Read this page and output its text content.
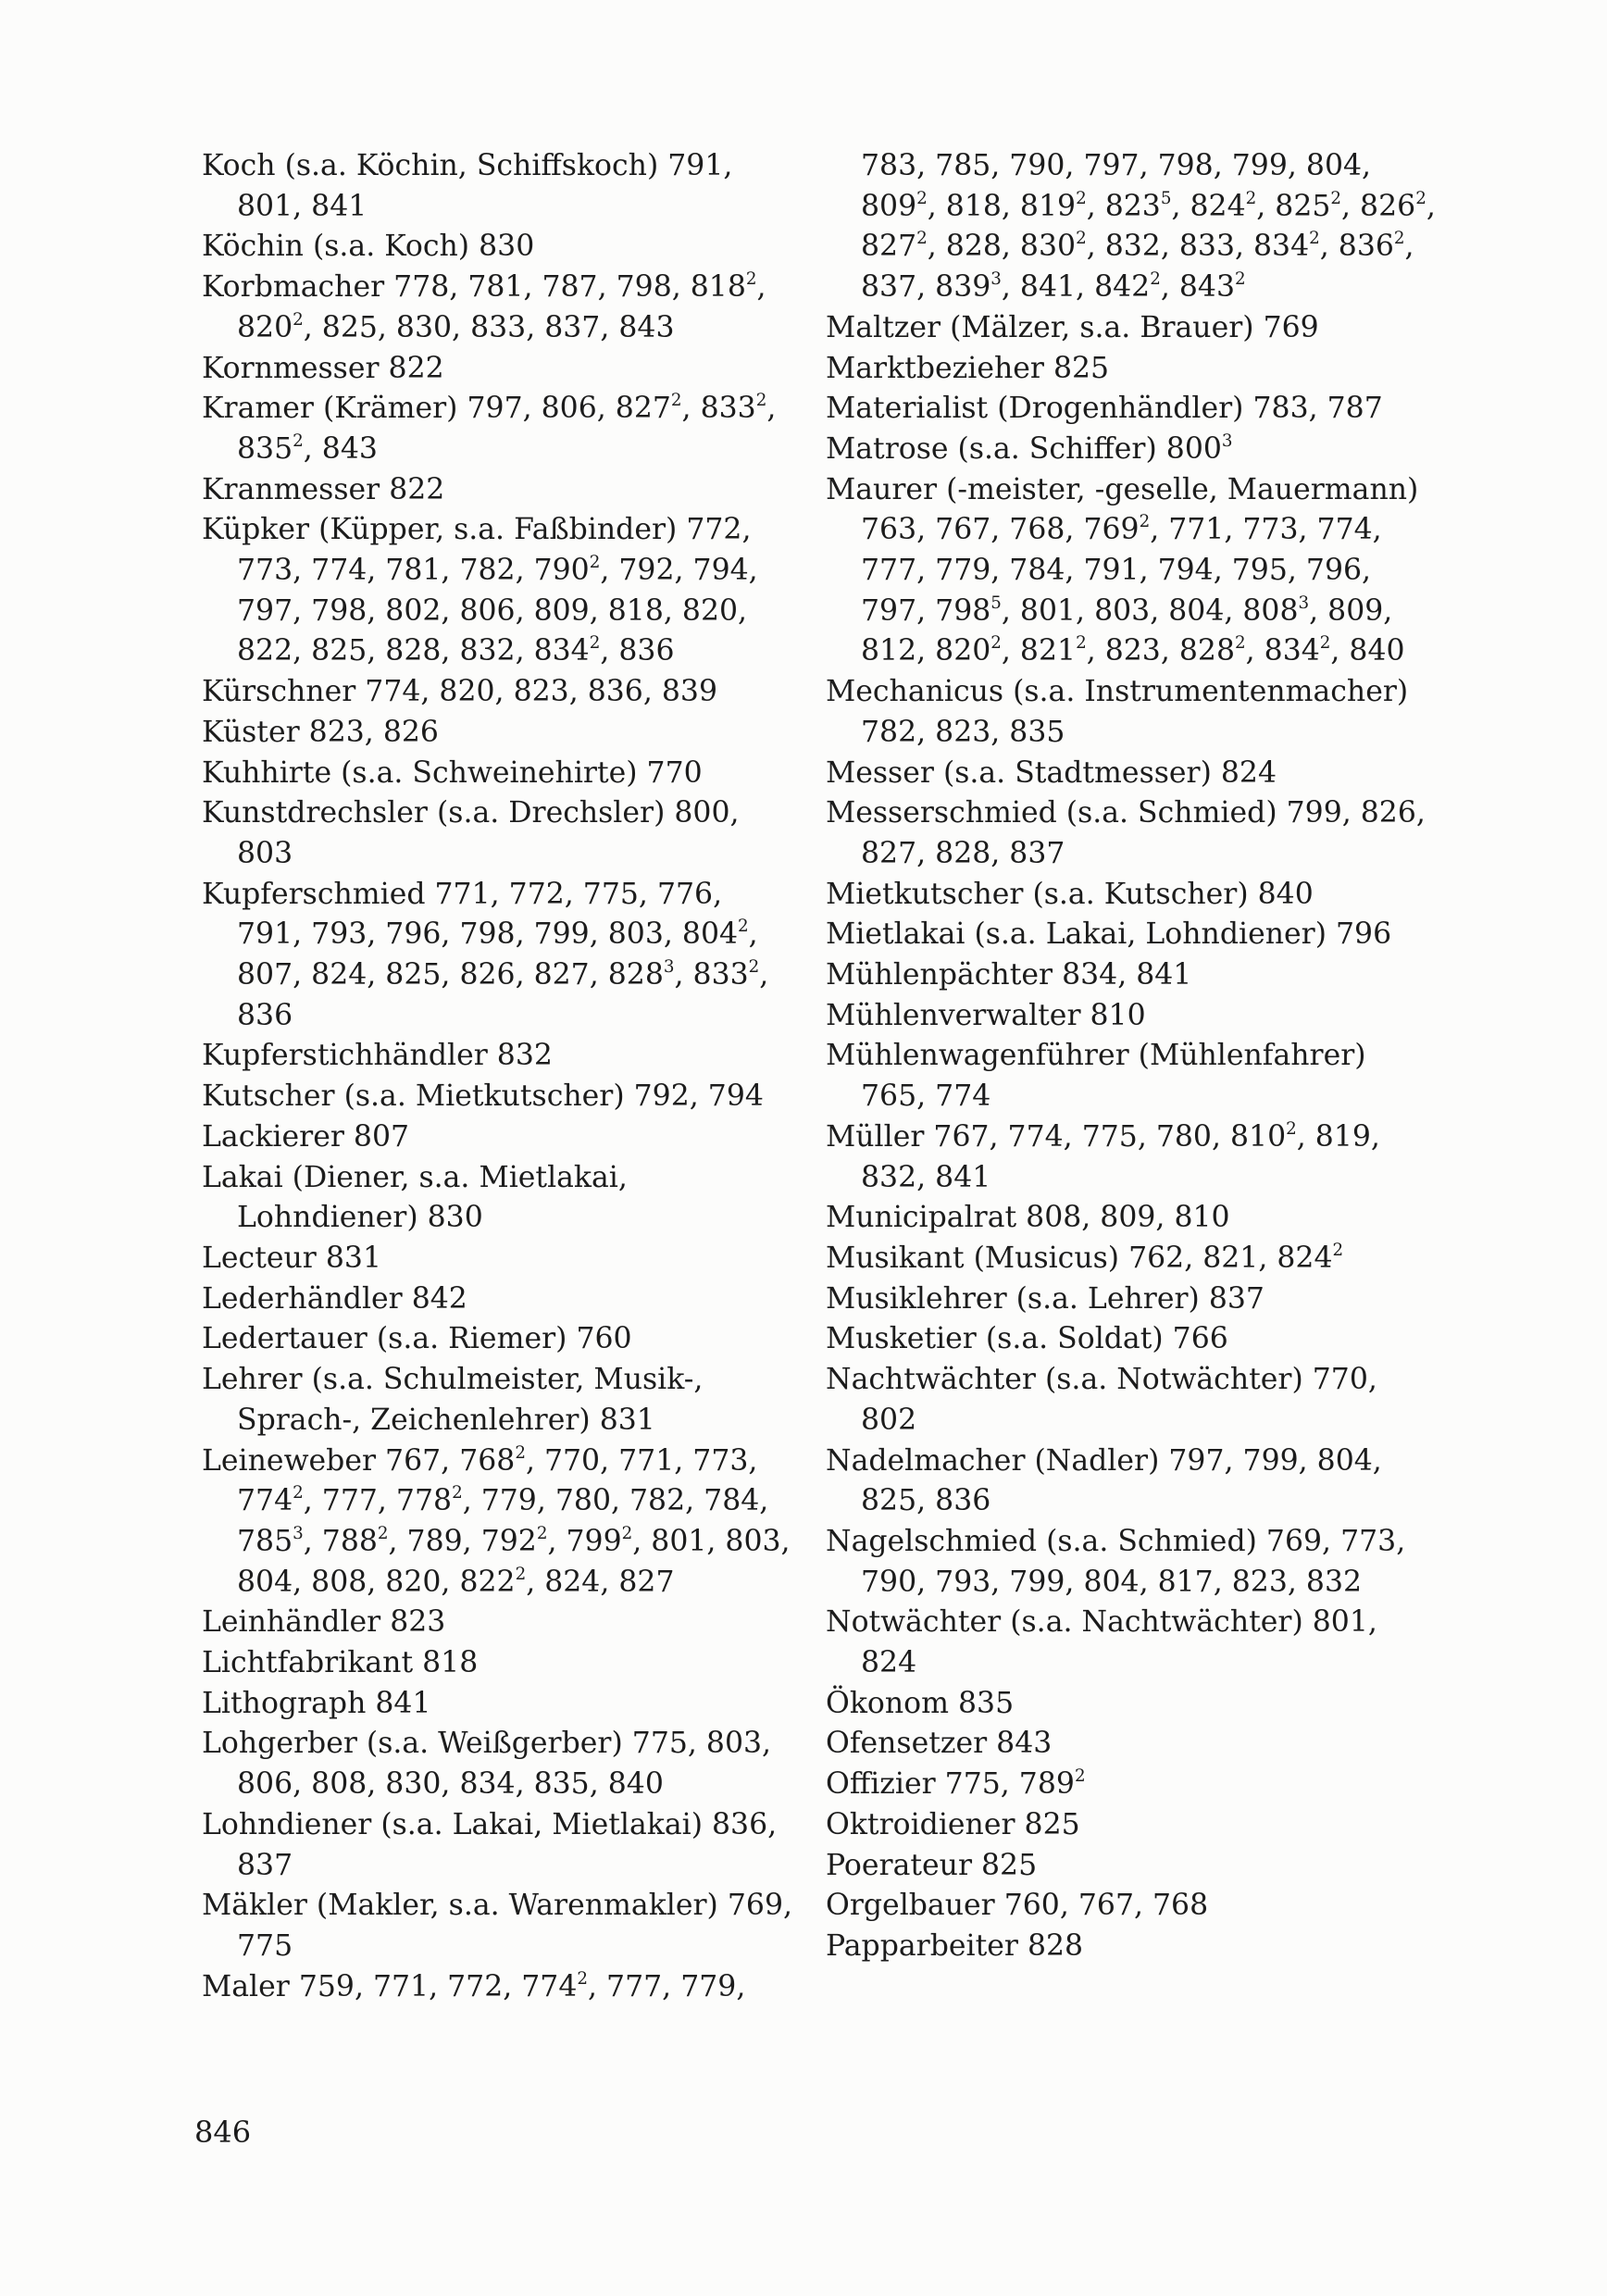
Koch (s.a. Köchin, Schiffskoch) 791, 801, 841

Köchin (s.a. Koch) 830

Korbmacher 778, 781, 787, 798, $818^2$, $820^2$, 825, 830, 833, 837, 843

Kornmesser 822

Kramer (Krämer) 797, 806, $827^2$, $833^2$, $835^2$, 843

Kranmesser 822

Küpker (Küpper, s.a. Faßbinder) 772, 773, 774, 781, 782, $790^2$, 792, 794, 797, 798, 802, 806, 809, 818, 820, 822, 825, 828, 832, $834^2$, 836

Kürschner 774, 820, 823, 836, 839

Küster 823, 826

Kuhhirte (s.a. Schweinehirte) 770

Kunstdrechsler (s.a. Drechsler) 800, 803

Kupferschmied 771, 772, 775, 776, 791, 793, 796, 798, 799, 803, $804^2$, 807, 824, 825, 826, 827, $828^3$, $833^2$, 836

Kupferstichhändler 832

Kutscher (s.a. Mietkutscher) 792, 794

Lackierer 807

Lakai (Diener, s.a. Mietlakai, Lohndiener) 830

Lecteur 831

Lederhändler 842

Ledertauer (s.a. Riemer) 760

Lehrer (s.a. Schulmeister, Musik-, Sprach-, Zeichenlehrer) 831

Leineweber 767, $768^2$, 770, 771, 773, $774^2$, 777, $778^2$, 779, 780, 782, 784, $785^3$, $788^2$, 789, $792^2$, $799^2$, 801, 803, 804, 808, 820, $822^2$, 824, 827

Leinhändler 823

Lichtfabrikant 818

Lithograph 841

Lohgerber (s.a. Weißgerber) 775, 803, 806, 808, 830, 834, 835, 840

Lohndiener (s.a. Lakai, Mietlakai) 836, 837

Mäkler (Makler, s.a. Warenmakler) 769, 775

Maler 759, 771, 772, $774^2$, 777, 779,

783, 785, 790, 797, 798, 799, 804, $809^2$, 818, $819^2$, $823^5$, $824^2$, $825^2$, $826^2$, $827^2$, 828, $830^2$, 832, 833, $834^2$, $836^2$, 837, $839^3$, 841, $842^2$, $843^2$

Maltzer (Mälzer, s.a. Brauer) 769

Marktbezieher 825

Materialist (Drogenhändler) 783, 787

Matrose (s.a. Schiffer) $800^3$

Maurer (-meister, -geselle, Mauermann) 763, 767, 768, $769^2$, 771, 773, 774, 777, 779, 784, 791, 794, 795, 796, 797, $798^5$, 801, 803, 804, $808^3$, 809, 812, $820^2$, $821^2$, 823, $828^2$, $834^2$, 840

Mechanicus (s.a. Instrumentenmacher) 782, 823, 835

Messer (s.a. Stadtmesser) 824

Messerschmied (s.a. Schmied) 799, 826, 827, 828, 837

Mietkutscher (s.a. Kutscher) 840

Mietlakai (s.a. Lakai, Lohndiener) 796

Mühlenpächter 834, 841

Mühlenverwalter 810

Mühlenwagenführer (Mühlenfahrer) 765, 774

Müller 767, 774, 775, 780, $810^2$, 819, 832, 841

Municipalrat 808, 809, 810

Musikant (Musicus) 762, 821, $824^2$

Musiklehrer (s.a. Lehrer) 837

Musketier (s.a. Soldat) 766

Nachtwächter (s.a. Notwächter) 770, 802

Nadelmacher (Nadler) 797, 799, 804, 825, 836

Nagelschmied (s.a. Schmied) 769, 773, 790, 793, 799, 804, 817, 823, 832

Notwächter (s.a. Nachtwächter) 801, 824

Ökonom 835

Ofensetzer 843

Offizier 775, $789^2$

Oktroidiener 825

Poerateur 825

Orgelbauer 760, 767, 768

Papparbeiter 828

846
